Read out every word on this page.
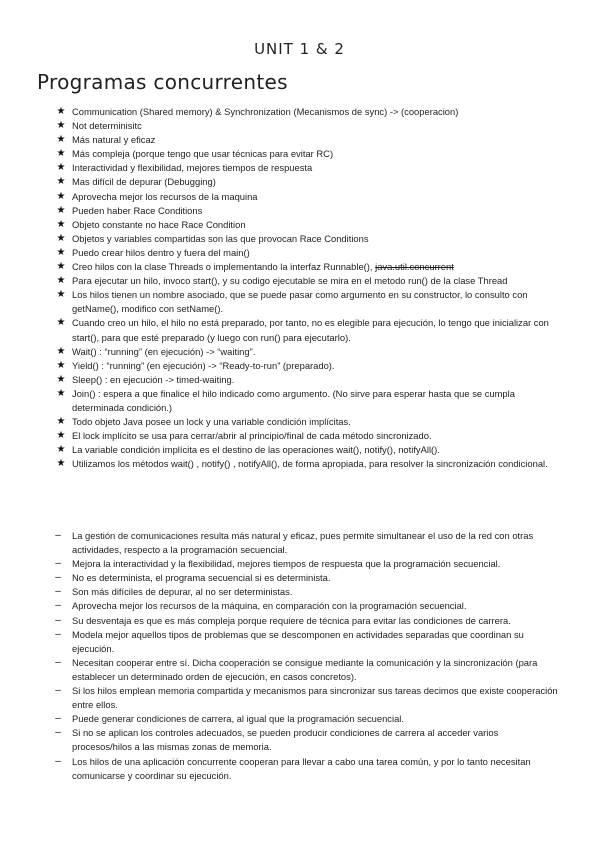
UNIT 1 & 2
Programas concurrentes
★ Communication (Shared memory) & Synchronization (Mecanismos de sync) -> (cooperacion)
★ Not determinisitc
★ Más natural y eficaz
★ Más compleja (porque tengo que usar técnicas para evitar RC)
★ Interactividad y flexibilidad, mejores tiempos de respuesta
★ Mas difícil de depurar (Debugging)
★ Aprovecha mejor los recursos de la maquina
★ Pueden haber Race Conditions
★ Objeto constante no hace Race Condition
★ Objetos y variables compartidas son las que provocan Race Conditions
★ Puedo crear hilos dentro y fuera del main()
★ Creo hilos con la clase Threads o implementando la interfaz Runnable(), java.util.concurrent
★ Para ejecutar un hilo, invoco start(), y su codigo ejecutable se mira en el metodo run() de la clase Thread
★ Los hilos tienen un nombre asociado, que se puede pasar como argumento en su constructor, lo consulto con getName(), modifico con setName().
★ Cuando creo un hilo, el hilo no está preparado, por tanto, no es elegible para ejecución, lo tengo que inicializar con start(), para que esté preparado (y luego con run() para ejecutarlo).
★ Wait() : “running” (en ejecución) -> “waiting”.
★ Yield() : “running” (en ejecución) -> “Ready-to-run” (preparado).
★ Sleep() : en ejecución -> timed-waiting.
★ Join() : espera a que finalice el hilo indicado como argumento. (No sirve para esperar hasta que se cumpla determinada condición.)
★ Todo objeto Java posee un lock y una variable condición implícitas.
★ El lock implícito se usa para cerrar/abrir al principio/final de cada método sincronizado.
★ La variable condición implícita es el destino de las operaciones wait(), notify(), notifyAll().
★ Utilizamos los métodos wait() , notify() , notifyAll(), de forma apropiada, para resolver la sincronización condicional.
–	La gestión de comunicaciones resulta más natural y eficaz, pues permite simultanear el uso de la red con otras actividades, respecto a la programación secuencial.
–	Mejora la interactividad y la flexibilidad, mejores tiempos de respuesta que la programación secuencial.
–	No es determinista, el programa secuencial si es determinista.
–	Son más difíciles de depurar, al no ser deterministas.
–	Aprovecha mejor los recursos de la máquina, en comparación con la programación secuencial.
–	Su desventaja es que es más compleja porque requiere de técnica para evitar las condiciones de carrera.
–	Modela mejor aquellos tipos de problemas que se descomponen en actividades separadas que coordinan su ejecución.
–	Necesitan cooperar entre sí. Dicha cooperación se consigue mediante la comunicación y la sincronización (para establecer un determinado orden de ejecución, en casos concretos).
–	Si los hilos emplean memoria compartida y mecanismos para sincronizar sus tareas decimos que existe cooperación entre ellos.
–	Puede generar condiciones de carrera, al igual que la programación secuencial.
–	Si no se aplican los controles adecuados, se pueden producir condiciones de carrera al acceder varios procesos/hilos a las mismas zonas de memoria.
–	Los hilos de una aplicación concurrente cooperan para llevar a cabo una tarea común, y por lo tanto necesitan comunicarse y coordinar su ejecución.
